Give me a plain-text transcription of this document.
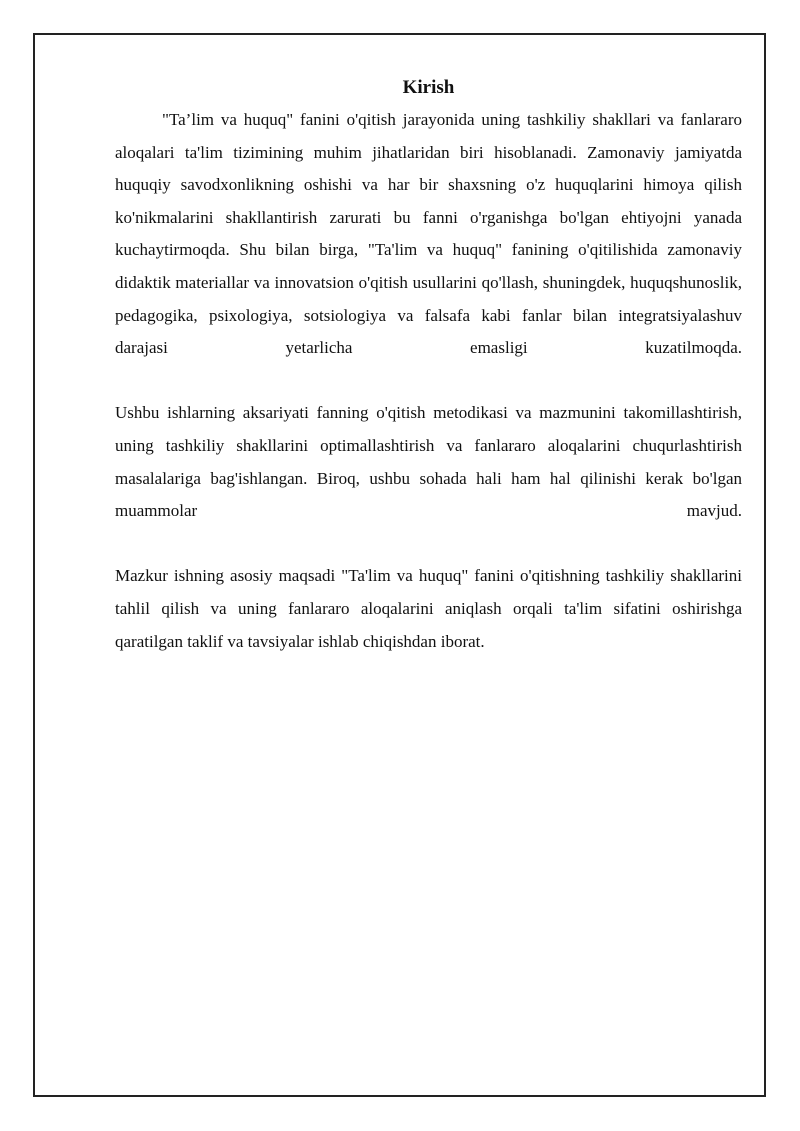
Kirish

"Ta’lim va huquq" fanini o'qitish jarayonida uning tashkiliy shakllari va fanlararo aloqalari ta'lim tizimining muhim jihatlaridan biri hisoblanadi. Zamonaviy jamiyatda huquqiy savodxonlikning oshishi va har bir shaxsning o'z huquqlarini himoya qilish ko'nikmalarini shakllantirish zarurati bu fanni o'rganishga bo'lgan ehtiyojni yanada kuchaytirmoqda. Shu bilan birga, "Ta'lim va huquq" fanining o'qitilishida zamonaviy didaktik materiallar va innovatsion o'qitish usullarini qo'llash, shuningdek, huquqshunoslik, pedagogika, psixologiya, sotsiologiya va falsafa kabi fanlar bilan integratsiyalashuv darajasi yetarlicha emasligi kuzatilmoqda.

Ushbu ishlarning aksariyati fanning o'qitish metodikasi va mazmunini takomillashtirish, uning tashkiliy shakllarini optimallashtirish va fanlararo aloqalarini chuqurlashtirish masalalariga bag'ishlangan. Biroq, ushbu sohada hali ham hal qilinishi kerak bo'lgan muammolar mavjud.

Mazkur ishning asosiy maqsadi "Ta'lim va huquq" fanini o'qitishning tashkiliy shakllarini tahlil qilish va uning fanlararo aloqalarini aniqlash orqali ta'lim sifatini oshirishga qaratilgan taklif va tavsiyalar ishlab chiqishdan iborat.
